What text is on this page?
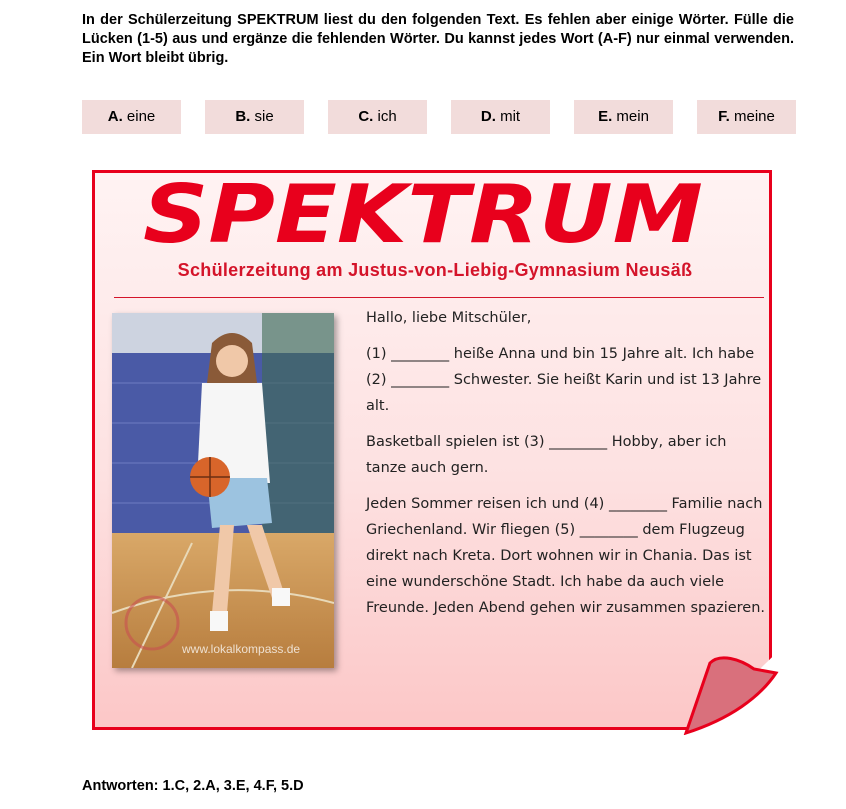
In der Schülerzeitung SPEKTRUM liest du den folgenden Text. Es fehlen aber einige Wörter. Fülle die Lücken (1-5) aus und ergänze die fehlenden Wörter. Du kannst jedes Wort (A-F) nur einmal verwenden. Ein Wort bleibt übrig.
A. eine	B. sie	C. ich	D. mit	E. mein	F. meine
SPEKTRUM
Schülerzeitung am Justus-von-Liebig-Gymnasium Neusäß
www.lokalkompass.de

Hallo, liebe Mitschüler,

(1) ________ heiße Anna und bin 15 Jahre alt. Ich habe (2) ________ Schwester. Sie heißt Karin und ist 13 Jahre alt.

Basketball spielen ist (3) ________ Hobby, aber ich tanze auch gern.

Jeden Sommer reisen ich und (4) ________ Familie nach Griechenland. Wir fliegen (5) ________ dem Flugzeug direkt nach Kreta. Dort wohnen wir in Chania. Das ist eine wunderschöne Stadt. Ich habe da auch viele Freunde. Jeden Abend gehen wir zusammen spazieren.

Antworten: 1.C, 2.A, 3.E, 4.F, 5.D
